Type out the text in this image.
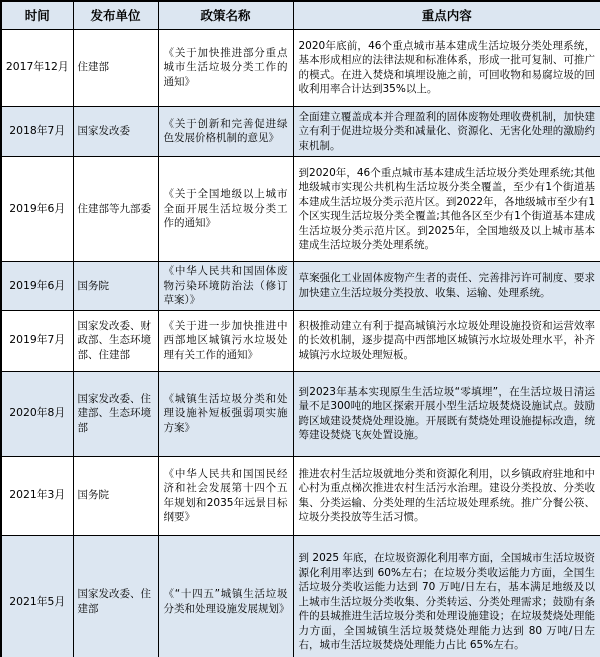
时间	发布单位	政策名称	重点内容
2017年12月	住建部	《关于加快推进部分重点城市生活垃圾分类工作的通知》	2020年底前，46个重点城市基本建成生活垃圾分类处理系统，基本形成相应的法律法规和标准体系，形成一批可复制、可推广的模式。在进入焚烧和填埋设施之前，可回收物和易腐垃圾的回收利用率合计达到35%以上。
2018年7月	国家发改委	《关于创新和完善促进绿色发展价格机制的意见》	全面建立覆盖成本并合理盈利的固体废物处理收费机制，加快建立有利于促进垃圾分类和减量化、资源化、无害化处理的激励约束机制。
2019年6月	住建部等九部委	《关于全国地级以上城市全面开展生活垃圾分类工作的通知》	到2020年，46个重点城市基本建成生活垃圾分类处理系统;其他地级城市实现公共机构生活垃圾分类全覆盖，至少有1个街道基本建成生活垃圾分类示范片区。到2022年，各地级城市至少有1个区实现生活垃圾分类全覆盖;其他各区至少有1个街道基本建成生活垃圾分类示范片区。到2025年，全国地级及以上城市基本建成生活垃圾分类处理系统。
2019年6月	国务院	《中华人民共和国固体废物污染环境防治法（修订草案）》	草案强化工业固体废物产生者的责任、完善排污许可制度、要求加快建立生活垃圾分类投放、收集、运输、处理系统。
2019年7月	国家发改委、财政部、生态环境部、住建部	《关于进一步加快推进中西部地区城镇污水垃圾处理有关工作的通知》	积极推动建立有利于提高城镇污水垃圾处理设施投资和运营效率的长效机制，逐步提高中西部地区城镇污水垃圾处理水平，补齐城镇污水垃圾处理短板。
2020年8月	国家发改委、住建部、生态环境部	《城镇生活垃圾分类和处理设施补短板强弱项实施方案》	到2023年基本实现原生生活垃圾“零填埋”，在生活垃圾日清运量不足300吨的地区探索开展小型生活垃圾焚烧设施试点。鼓励跨区域建设焚烧处理设施。开展既有焚烧处理设施提标改造，统筹建设焚烧飞灰处置设施。
2021年3月	国务院	《中华人民共和国国民经济和社会发展第十四个五年规划和2035年远景目标纲要》	推进农村生活垃圾就地分类和资源化利用，以乡镇政府驻地和中心村为重点梯次推进农村生活污水治理。建设分类投放、分类收集、分类运输、分类处理的生活垃圾处理系统。推广分餐公筷、垃圾分类投放等生活习惯。
2021年5月	国家发改委、住建部	《“十四五”城镇生活垃圾分类和处理设施发展规划》	到 2025 年底，在垃圾资源化利用率方面，全国城市生活垃圾资源化利用率达到 60%左右；在垃圾分类收运能力方面，全国生活垃圾分类收运能力达到 70 万吨/日左右，基本满足地级及以上城市生活垃圾分类收集、分类转运、分类处理需求；鼓励有条件的县城推进生活垃圾分类和处理设施建设；在垃圾焚烧处理能力方面，全国城镇生活垃圾焚烧处理能力达到 80 万吨/日左右，城市生活垃圾焚烧处理能力占比 65%左右。
